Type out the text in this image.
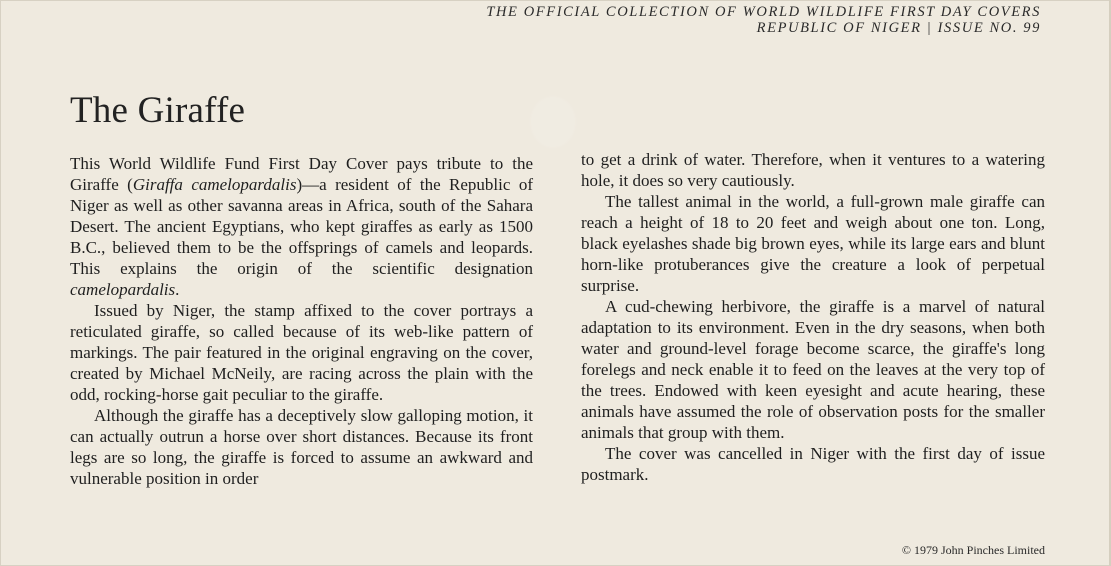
THE OFFICIAL COLLECTION OF WORLD WILDLIFE FIRST DAY COVERS
REPUBLIC OF NIGER | ISSUE NO. 99
The Giraffe

This World Wildlife Fund First Day Cover pays tribute to the Giraffe (Giraffa camelopardalis)—a resident of the Republic of Niger as well as other savanna areas in Africa, south of the Sahara Desert. The ancient Egyptians, who kept giraffes as early as 1500 B.C., believed them to be the offsprings of camels and leopards. This explains the origin of the scientific designation camelopardalis.

Issued by Niger, the stamp affixed to the cover portrays a reticulated giraffe, so called because of its web-like pattern of markings. The pair featured in the original engraving on the cover, created by Michael McNeily, are racing across the plain with the odd, rocking-horse gait peculiar to the giraffe.

Although the giraffe has a deceptively slow galloping motion, it can actually outrun a horse over short distances. Because its front legs are so long, the giraffe is forced to assume an awkward and vulnerable position in order

to get a drink of water. Therefore, when it ventures to a watering hole, it does so very cautiously.

The tallest animal in the world, a full-grown male giraffe can reach a height of 18 to 20 feet and weigh about one ton. Long, black eyelashes shade big brown eyes, while its large ears and blunt horn-like protuberances give the creature a look of perpetual surprise.

A cud-chewing herbivore, the giraffe is a marvel of natural adaptation to its environment. Even in the dry seasons, when both water and ground-level forage become scarce, the giraffe's long forelegs and neck enable it to feed on the leaves at the very top of the trees. Endowed with keen eyesight and acute hearing, these animals have assumed the role of observation posts for the smaller animals that group with them.

The cover was cancelled in Niger with the first day of issue postmark.

© 1979 John Pinches Limited
